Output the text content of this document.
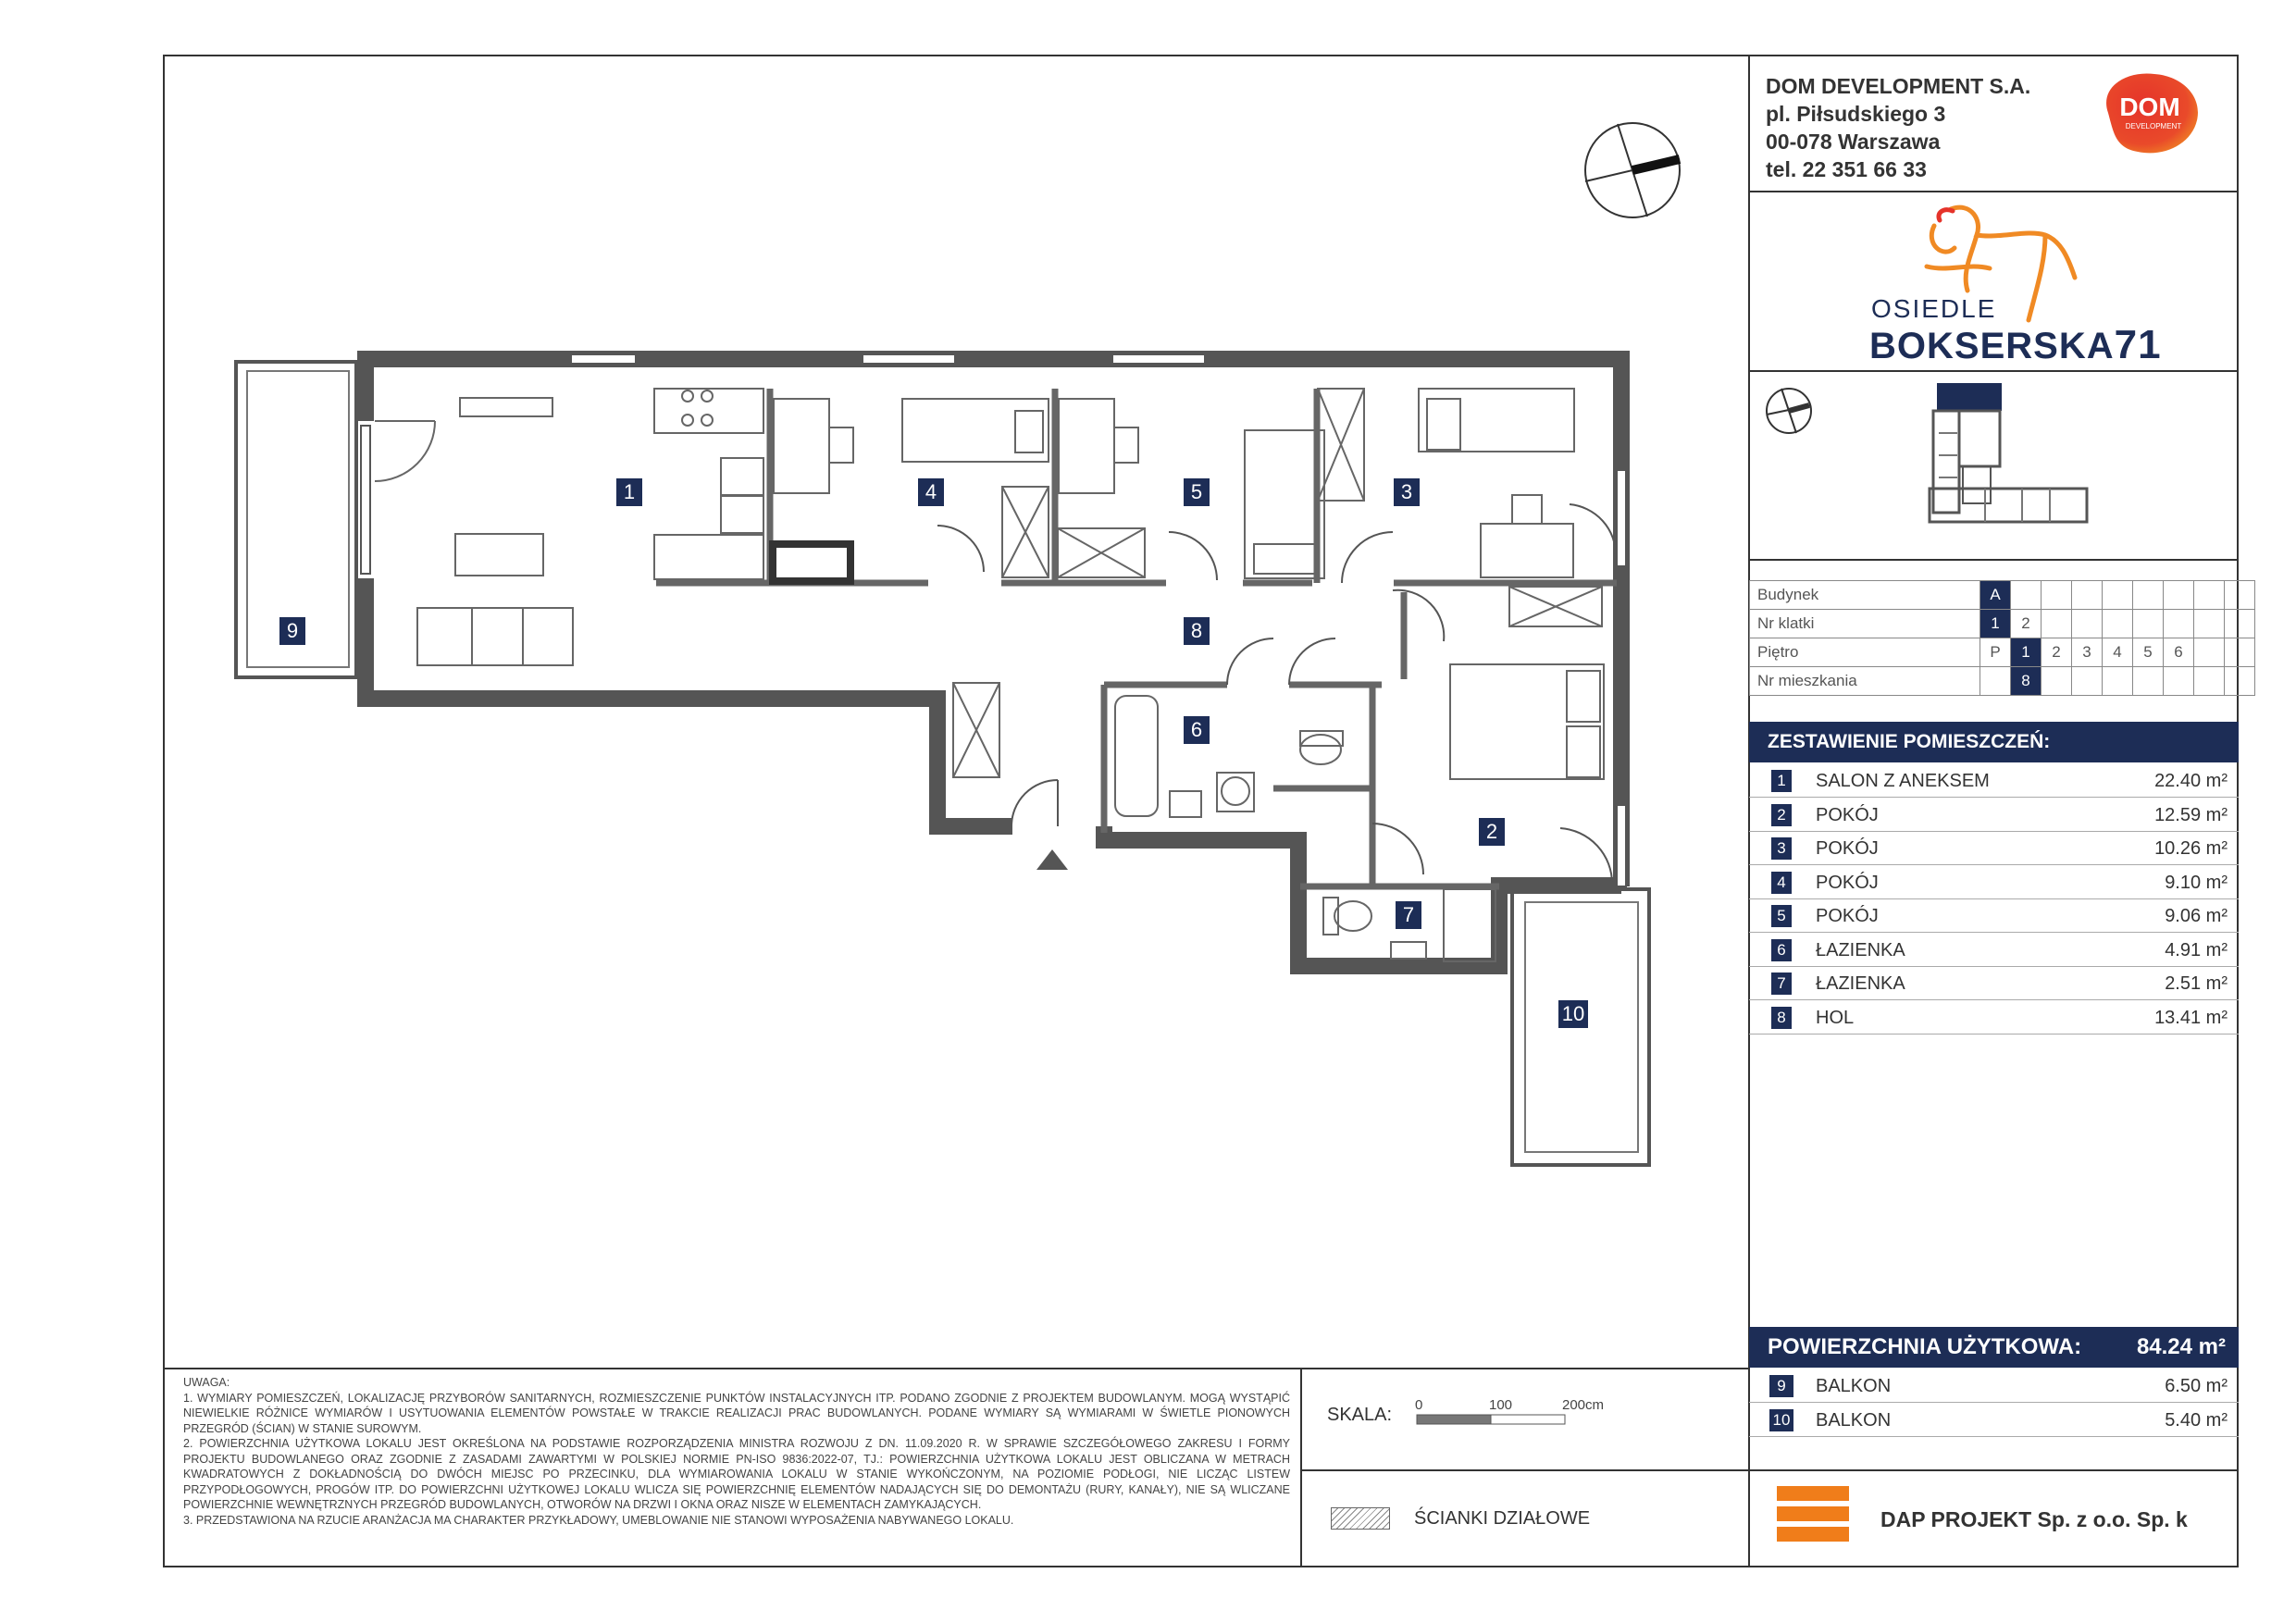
DOM DEVELOPMENT S.A.
pl. Piłsudskiego 3
00-078 Warszawa
tel. 22 351 66 33
DOM
DEVELOPMENT
OSIEDLE
BOKSERSKA71
Budynek	A								
Nr klatki	1	2							
Piętro	P	1	2	3	4	5	6		
Nr mieszkania		8							
ZESTAWIENIE POMIESZCZEŃ:
1	SALON Z ANEKSEM	22.40 m²
2	POKÓJ	12.59 m²
3	POKÓJ	10.26 m²
4	POKÓJ	9.10 m²
5	POKÓJ	9.06 m²
6	ŁAZIENKA	4.91 m²
7	ŁAZIENKA	2.51 m²
8	HOL	13.41 m²
POWIERZCHNIA UŻYTKOWA: 84.24 m²
9	BALKON	6.50 m²
10 BALKON	5.40 m²

UWAGA:

1. WYMIARY POMIESZCZEŃ, LOKALIZACJĘ PRZYBORÓW SANITARNYCH, ROZMIESZCZENIE PUNKTÓW INSTALACYJNYCH ITP. PODANO ZGODNIE Z PROJEKTEM BUDOWLANYM. MOGĄ WYSTĄPIĆ NIEWIELKIE RÓŻNICE WYMIARÓW I USYTUOWANIA ELEMENTÓW POWSTAŁE W TRAKCIE REALIZACJI PRAC BUDOWLANYCH. PODANE WYMIARY SĄ WYMIARAMI W ŚWIETLE PIONOWYCH PRZEGRÓD (ŚCIAN) W STANIE SUROWYM.

2. POWIERZCHNIA UŻYTKOWA LOKALU JEST OKREŚLONA NA PODSTAWIE ROZPORZĄDZENIA MINISTRA ROZWOJU Z DN. 11.09.2020 R. W SPRAWIE SZCZEGÓŁOWEGO ZAKRESU I FORMY PROJEKTU BUDOWLANEGO ORAZ ZGODNIE Z ZASADAMI ZAWARTYMI W POLSKIEJ NORMIE PN-ISO 9836:2022-07, TJ.: POWIERZCHNIA UŻYTKOWA LOKALU JEST OBLICZANA W METRACH KWADRATOWYCH Z DOKŁADNOŚCIĄ DO DWÓCH MIEJSC PO PRZECINKU, DLA WYMIAROWANIA LOKALU W STANIE WYKOŃCZONYM, NA POZIOMIE PODŁOGI, NIE LICZĄC LISTEW PRZYPODŁOGOWYCH, PROGÓW ITP. DO POWIERZCHNI UŻYTKOWEJ LOKALU WLICZA SIĘ POWIERZCHNIĘ ELEMENTÓW NADAJĄCYCH SIĘ DO DEMONTAŻU (RURY, KANAŁY), NIE SĄ WLICZANE POWIERZCHNIE WEWNĘTRZNYCH PRZEGRÓD BUDOWLANYCH, OTWORÓW NA DRZWI I OKNA ORAZ NISZE W ELEMENTACH ZAMYKAJĄCYCH.

3. PRZEDSTAWIONA NA RZUCIE ARANŻACJA MA CHARAKTER PRZYKŁADOWY, UMEBLOWANIE NIE STANOWI WYPOSAŻENIA NABYWANEGO LOKALU.

SKALA: 0	100	200cm
ŚCIANKI DZIAŁOWE	DAP PROJEKT Sp. z o.o. Sp. k
1
2
3
4	5
6
7
8
9
10
